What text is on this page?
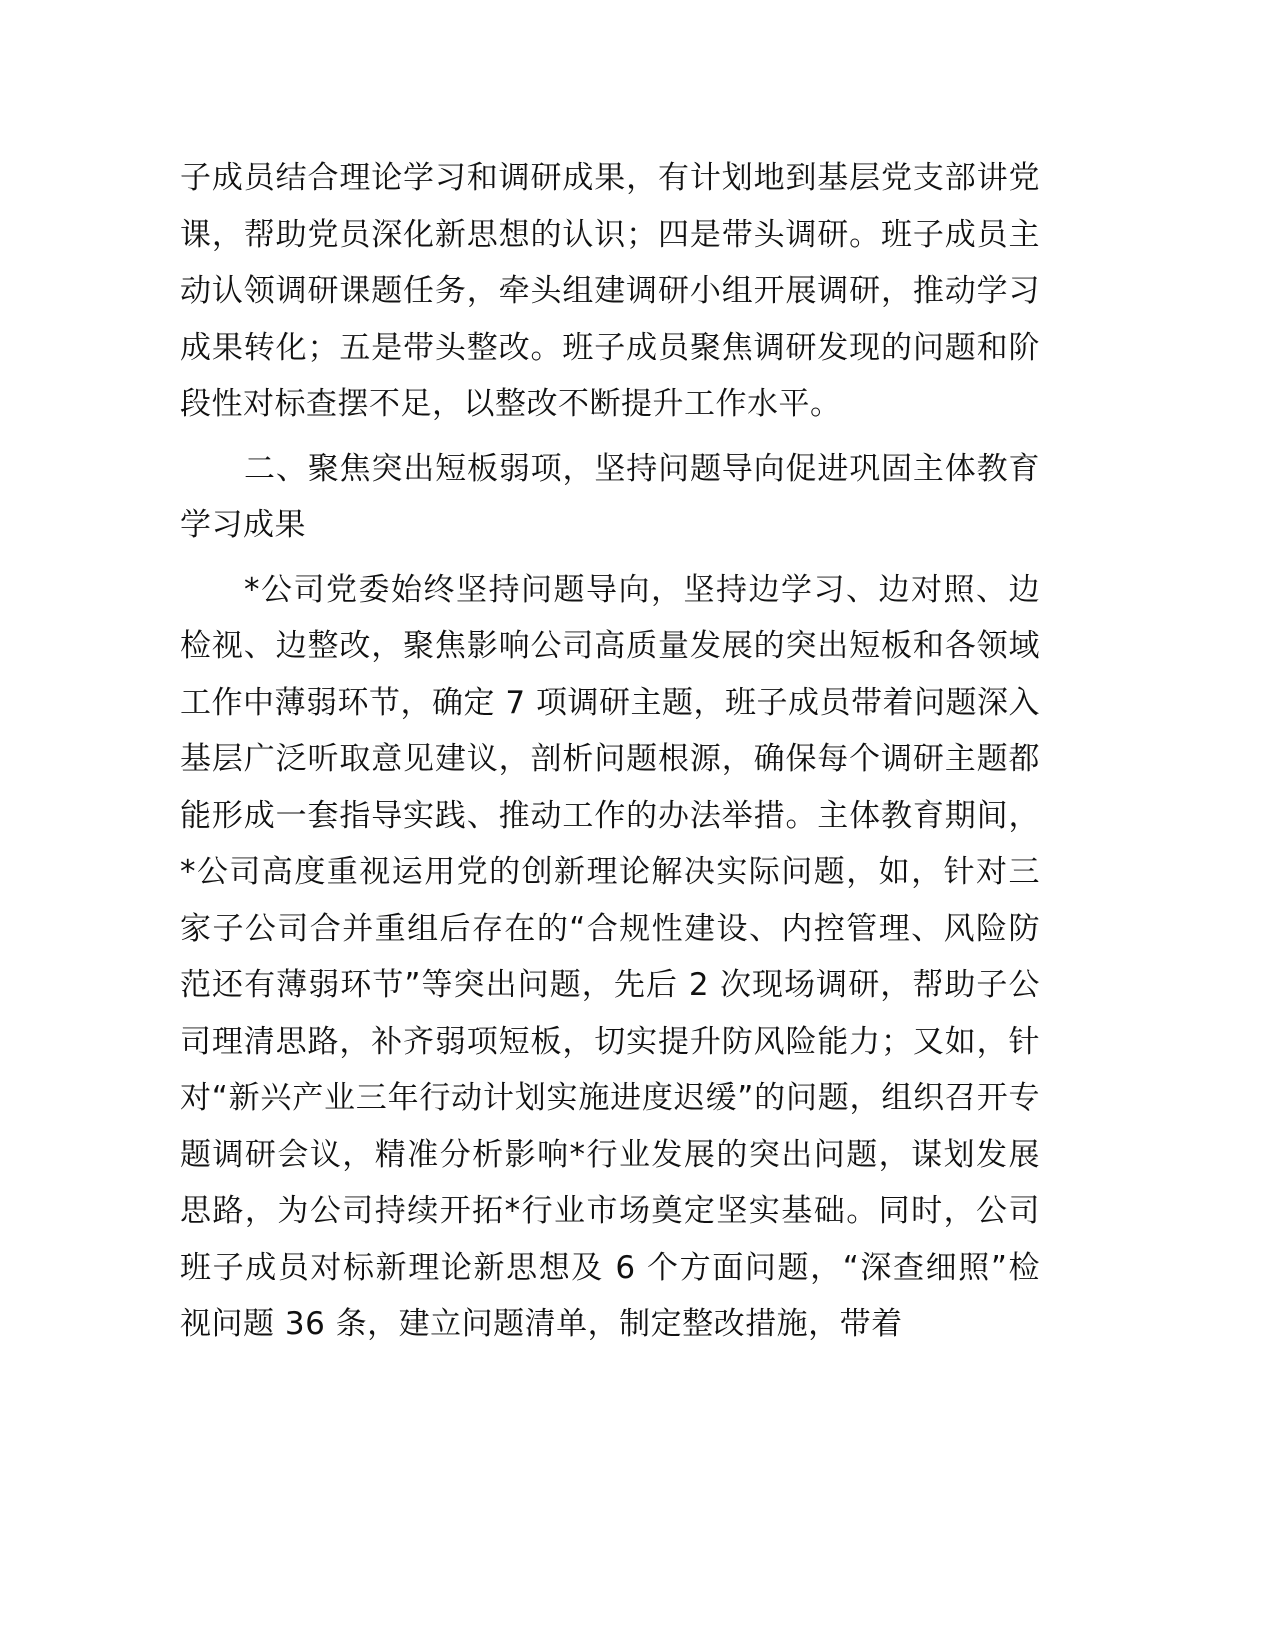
子成员结合理论学习和调研成果，有计划地到基层党支部讲党课，帮助党员深化新思想的认识；四是带头调研。班子成员主动认领调研课题任务，牵头组建调研小组开展调研，推动学习成果转化；五是带头整改。班子成员聚焦调研发现的问题和阶段性对标查摆不足，以整改不断提升工作水平。

二、聚焦突出短板弱项，坚持问题导向促进巩固主体教育学习成果

*公司党委始终坚持问题导向，坚持边学习、边对照、边检视、边整改，聚焦影响公司高质量发展的突出短板和各领域工作中薄弱环节，确定 7 项调研主题，班子成员带着问题深入基层广泛听取意见建议，剖析问题根源，确保每个调研主题都能形成一套指导实践、推动工作的办法举措。主体教育期间，*公司高度重视运用党的创新理论解决实际问题，如，针对三家子公司合并重组后存在的“合规性建设、内控管理、风险防范还有薄弱环节”等突出问题，先后 2 次现场调研，帮助子公司理清思路，补齐弱项短板，切实提升防风险能力；又如，针对“新兴产业三年行动计划实施进度迟缓”的问题，组织召开专题调研会议，精准分析影响*行业发展的突出问题，谋划发展思路，为公司持续开拓*行业市场奠定坚实基础。同时，公司班子成员对标新理论新思想及 6 个方面问题，“深查细照”检视问题 36 条，建立问题清单，制定整改措施，带着
